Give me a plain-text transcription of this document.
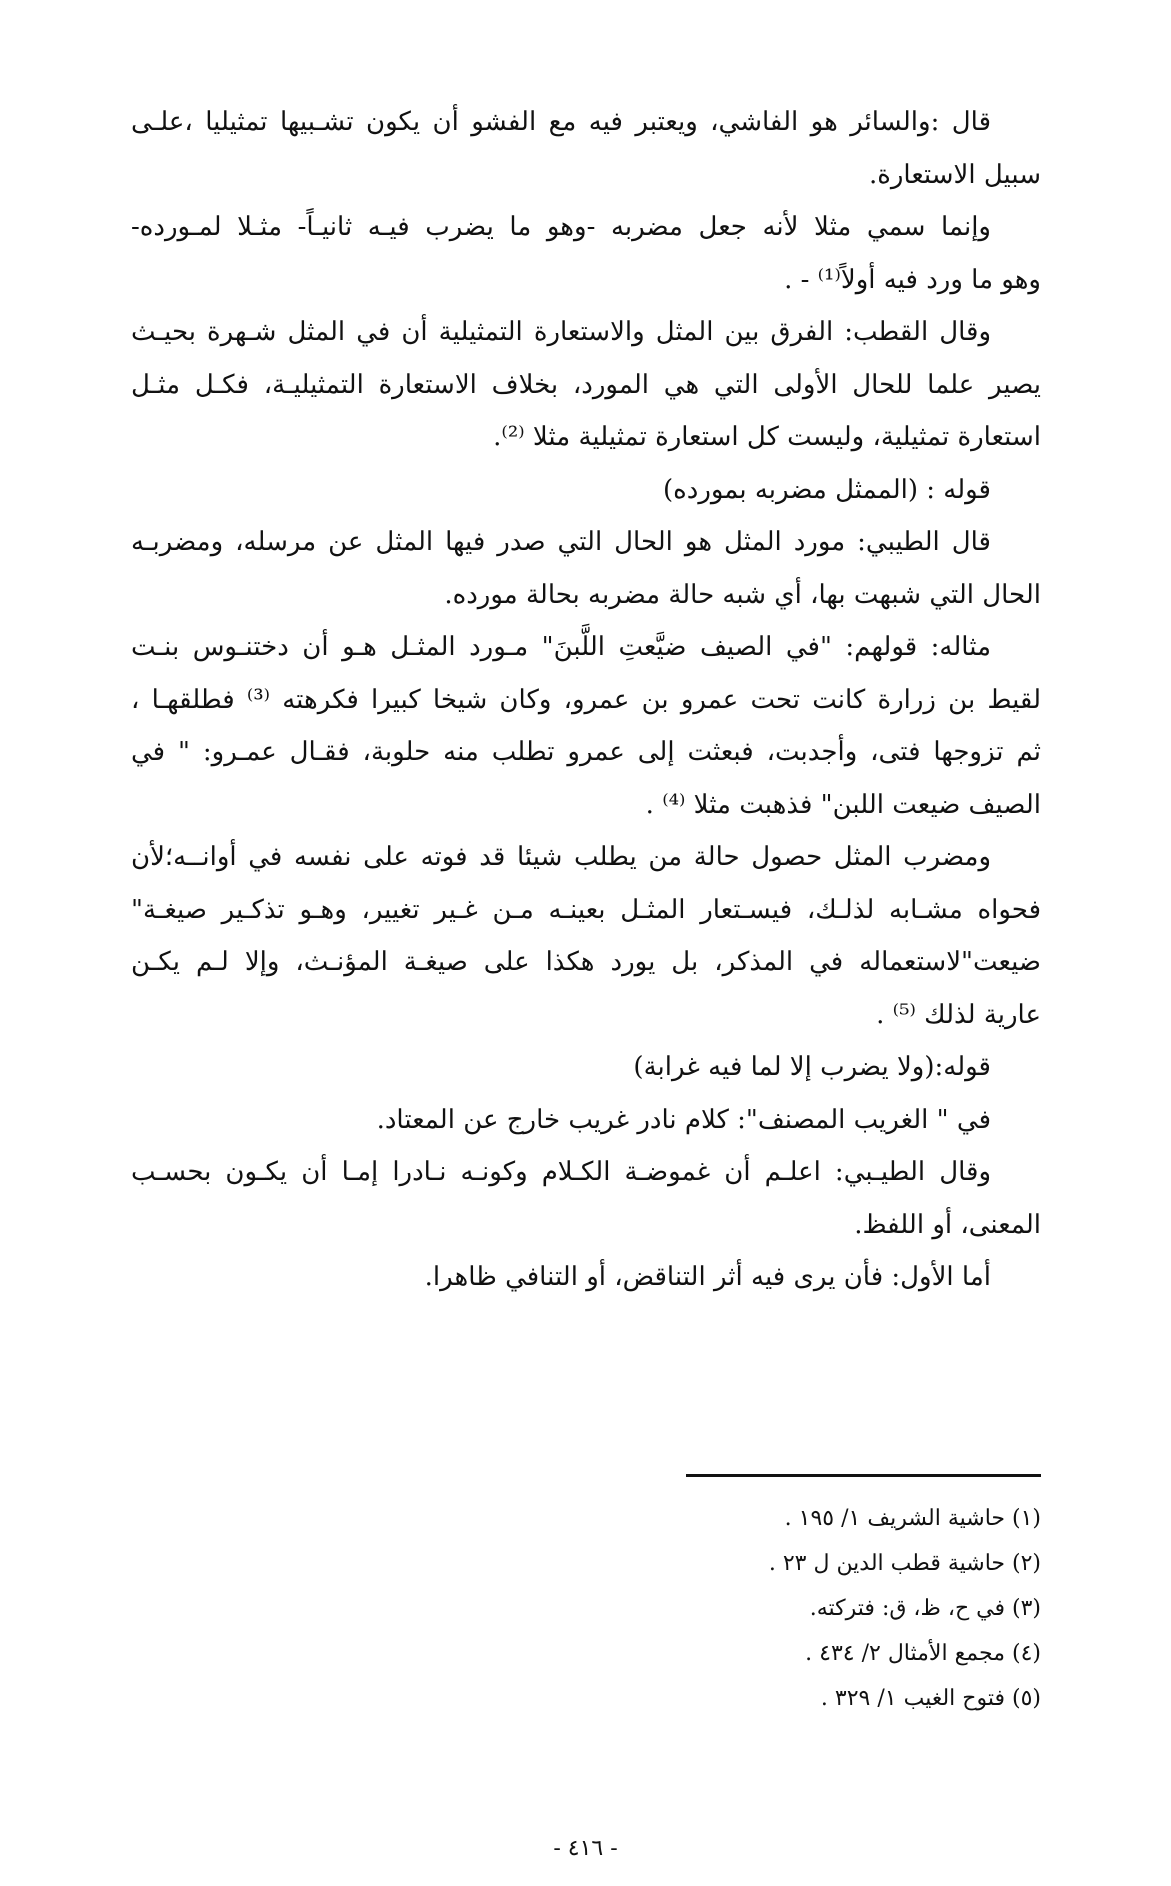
قال :والسائر هو الفاشي، ويعتبر فيه مع الفشو أن يكون تشـبيها تمثيليا ،علـى
سبيل الاستعارة.
وإنما سمي مثلا لأنه جعل مضربه -وهو ما يضرب فيـه ثانيـاً- مثـلا لمـورده-
وهو ما ورد فيه أولاً⁽¹⁾ - .
وقال القطب: الفرق بين المثل والاستعارة التمثيلية أن في المثل شـهرة بحيـث
يصير علما للحال الأولى التي هي المورد، بخلاف الاستعارة التمثيليـة، فكـل مثـل
استعارة تمثيلية، وليست كل استعارة تمثيلية مثلا ⁽²⁾.
قوله : (الممثل مضربه بمورده)
قال الطيبي: مورد المثل هو الحال التي صدر فيها المثل عن مرسله، ومضربـه
الحال التي شبهت بها، أي شبه حالة مضربه بحالة مورده.
مثاله: قولهم: "في الصيف ضيَّعتِ اللَّبنَ" مـورد المثـل هـو أن دختنـوس بنـت
لقيط بن زرارة كانت تحت عمرو بن عمرو، وكان شيخا كبيرا فكرهته ⁽³⁾ فطلقهـا ،
ثم تزوجها فتى، وأجدبت، فبعثت إلى عمرو تطلب منه حلوبة، فقـال عمـرو: " في
الصيف ضيعت اللبن" فذهبت مثلا ⁽⁴⁾ .
ومضرب المثل حصول حالة من يطلب شيئا قد فوته على نفسه في أوانــه؛لأن
فحواه مشـابه لذلـك، فيسـتعار المثـل بعينـه مـن غـير تغيير، وهـو تذكـير صيغـة"
ضيعت"لاستعماله في المذكر، بل يورد هكذا على صيغـة المؤنـث، وإلا لـم يكـن
عارية لذلك ⁽⁵⁾ .
قوله:(ولا يضرب إلا لما فيه غرابة)
في " الغريب المصنف": كلام نادر غريب خارج عن المعتاد.
وقال الطيـبي: اعلـم أن غموضـة الكـلام وكونـه نـادرا إمـا أن يكـون بحسـب
المعنى، أو اللفظ.
أما الأول: فأن يرى فيه أثر التناقض، أو التنافي ظاهرا.
(١) حاشية الشريف ١/ ١٩٥ .
(٢) حاشية قطب الدين ل ٢٣ .
(٣) في ح، ظ، ق: فتركته.
(٤) مجمع الأمثال ٢/ ٤٣٤ .
(٥) فتوح الغيب ١/ ٣٢٩ .
- ٤١٦ -
